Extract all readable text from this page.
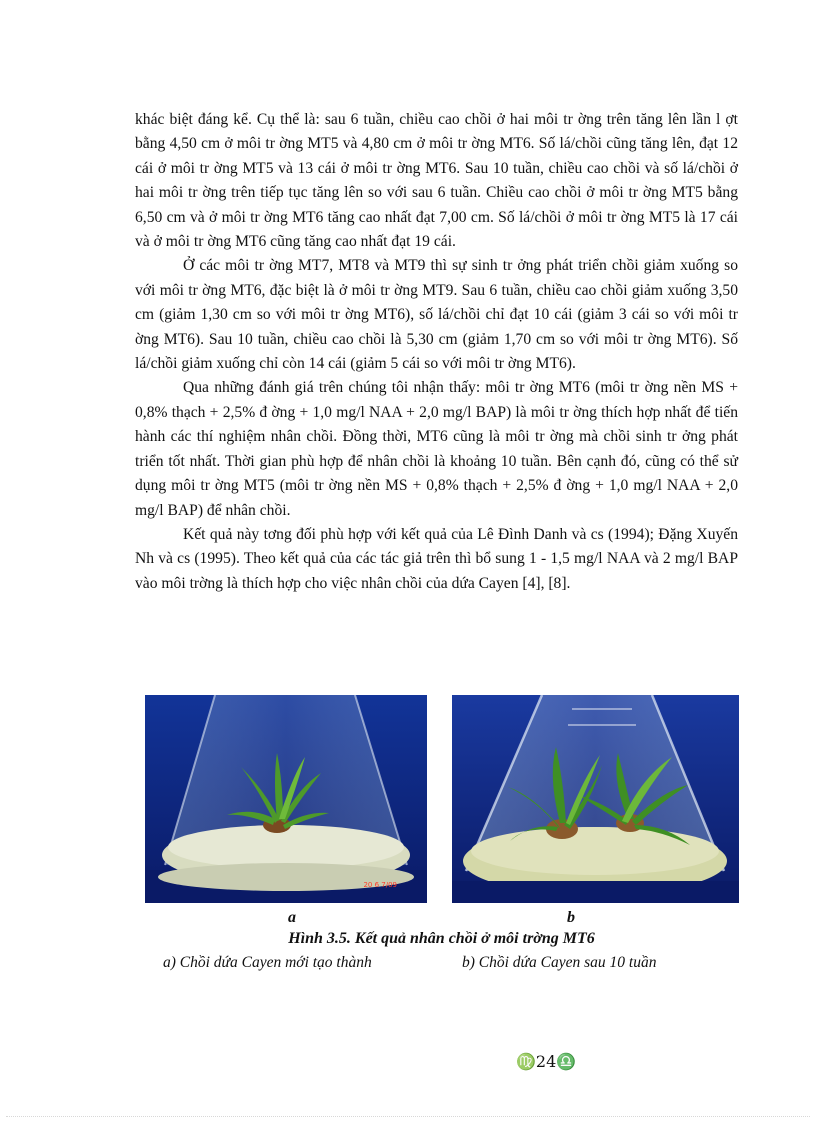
khác biệt đáng kể. Cụ thể là: sau 6 tuần, chiều cao chồi ở hai môi tr ờng trên tăng lên lần l ợt bằng 4,50 cm ở môi tr ờng MT5 và 4,80 cm ở môi tr ờng MT6. Số lá/chồi cũng tăng lên, đạt 12 cái ở môi tr ờng MT5 và 13 cái ở môi tr ờng MT6. Sau 10 tuần, chiều cao chồi và số lá/chồi ở hai môi tr ờng trên tiếp tục tăng lên so với sau 6 tuần. Chiều cao chồi ở môi tr ờng MT5 bằng 6,50 cm và ở môi tr ờng MT6 tăng cao nhất đạt 7,00 cm. Số lá/chồi ở môi tr ờng MT5 là 17 cái và ở môi tr ờng MT6 cũng tăng cao nhất đạt 19 cái.

Ở các môi tr ờng MT7, MT8 và MT9 thì sự sinh tr ởng phát triển chồi giảm xuống so với môi tr ờng MT6, đặc biệt là ở môi tr ờng MT9. Sau 6 tuần, chiều cao chồi giảm xuống 3,50 cm (giảm 1,30 cm so với môi tr ờng MT6), số lá/chồi chỉ đạt 10 cái (giảm 3 cái so với môi tr ờng MT6). Sau 10 tuần, chiều cao chồi là 5,30 cm (giảm 1,70 cm so với môi tr ờng MT6). Số lá/chồi giảm xuống chỉ còn 14 cái (giảm 5 cái so với môi tr ờng MT6).

Qua những đánh giá trên chúng tôi nhận thấy: môi tr ờng MT6 (môi tr ờng nền MS + 0,8% thạch + 2,5% đ ờng + 1,0 mg/l NAA + 2,0 mg/l BAP) là môi tr ờng thích hợp nhất để tiến hành các thí nghiệm nhân chồi. Đồng thời, MT6 cũng là môi tr ờng mà chồi sinh tr ởng phát triển tốt nhất. Thời gian phù hợp để nhân chồi là khoảng 10 tuần. Bên cạnh đó, cũng có thể sử dụng môi tr ờng MT5 (môi tr ờng nền MS + 0,8% thạch + 2,5% đ ờng + 1,0 mg/l NAA + 2,0 mg/l BAP) để nhân chồi.

Kết quả này tơng đối phù hợp với kết quả của Lê Đình Danh và cs (1994); Đặng Xuyến Nh và cs (1995). Theo kết quả của các tác giả trên thì bổ sung 1 - 1,5 mg/l NAA và 2 mg/l BAP vào môi trờng là thích hợp cho việc nhân chồi của dứa Cayen [4], [8].

20 6 7/09
a	b
Hình 3.5. Kết quả nhân chồi ở môi trờng MT6
a) Chồi dứa Cayen mới tạo thành	b) Chồi dứa Cayen sau 10 tuần
♍24♎
